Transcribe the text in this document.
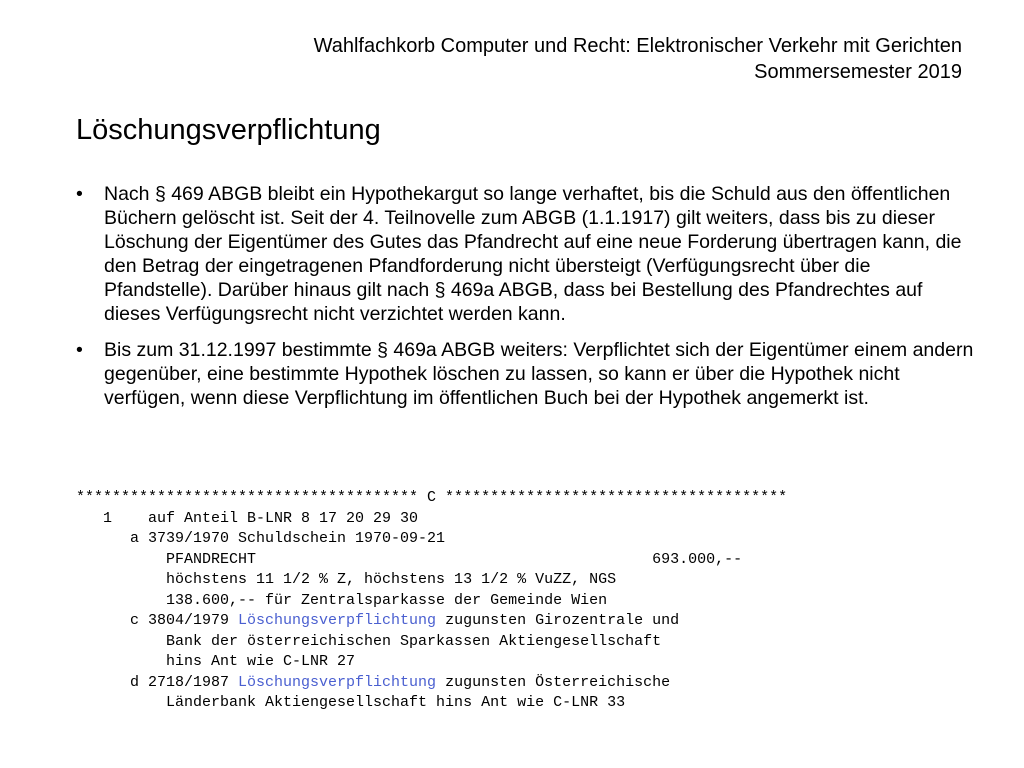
Wahlfachkorb Computer und Recht: Elektronischer Verkehr mit Gerichten
Sommersemester 2019
Löschungsverpflichtung
• Nach § 469 ABGB bleibt ein Hypothekargut so lange verhaftet, bis die Schuld aus den öffentlichen Büchern gelöscht ist. Seit der 4. Teilnovelle zum ABGB (1.1.1917) gilt weiters, dass bis zu dieser Löschung der Eigentümer des Gutes das Pfandrecht auf eine neue Forderung übertragen kann, die den Betrag der eingetragenen Pfandforderung nicht übersteigt (Verfügungsrecht über die Pfandstelle). Darüber hinaus gilt nach § 469a ABGB, dass bei Bestellung des Pfandrechtes auf dieses Verfügungsrecht nicht verzichtet werden kann.
• Bis zum 31.12.1997 bestimmte § 469a ABGB weiters: Verpflichtet sich der Eigentümer einem andern gegenüber, eine bestimmte Hypothek löschen zu lassen, so kann er über die Hypothek nicht verfügen, wenn diese Verpflichtung im öffentlichen Buch bei der Hypothek angemerkt ist.
************************************** C **************************************
1    auf Anteil B-LNR 8 17 20 29 30
a 3739/1970 Schuldschein 1970-09-21
PFANDRECHT                                            693.000,--
höchstens 11 1/2 % Z, höchstens 13 1/2 % VuZZ, NGS
138.600,-- für Zentralsparkasse der Gemeinde Wien
c 3804/1979 Löschungsverpflichtung zugunsten Girozentrale und
Bank der österreichischen Sparkassen Aktiengesellschaft
hins Ant wie C-LNR 27
d 2718/1987 Löschungsverpflichtung zugunsten Österreichische
Länderbank Aktiengesellschaft hins Ant wie C-LNR 33
